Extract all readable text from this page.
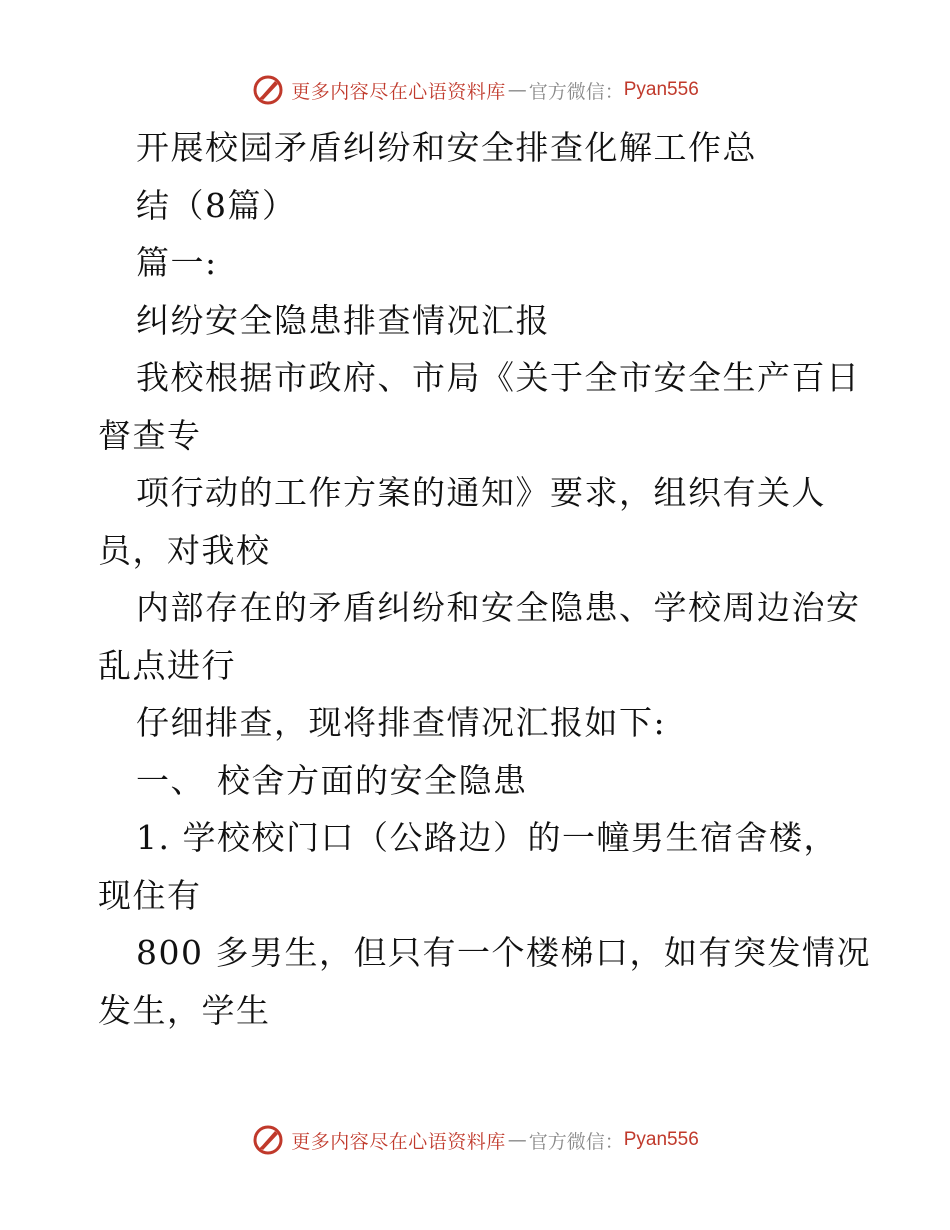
更多内容尽在心语资料库 — 官方微信： Pyan556
开展校园矛盾纠纷和安全排查化解工作总
结（8篇）
篇一:
纠纷安全隐患排查情况汇报
我校根据市政府、市局《关于全市安全生产百日
督查专
项行动的工作方案的通知》要求，组织有关人
员，对我校
内部存在的矛盾纠纷和安全隐患、学校周边治安
乱点进行
仔细排查，现将排查情况汇报如下:
一、 校舍方面的安全隐患
1. 学校校门口（公路边）的一幢男生宿舍楼，
现住有
800 多男生，但只有一个楼梯口，如有突发情况
发生，学生
更多内容尽在心语资料库 — 官方微信： Pyan556
